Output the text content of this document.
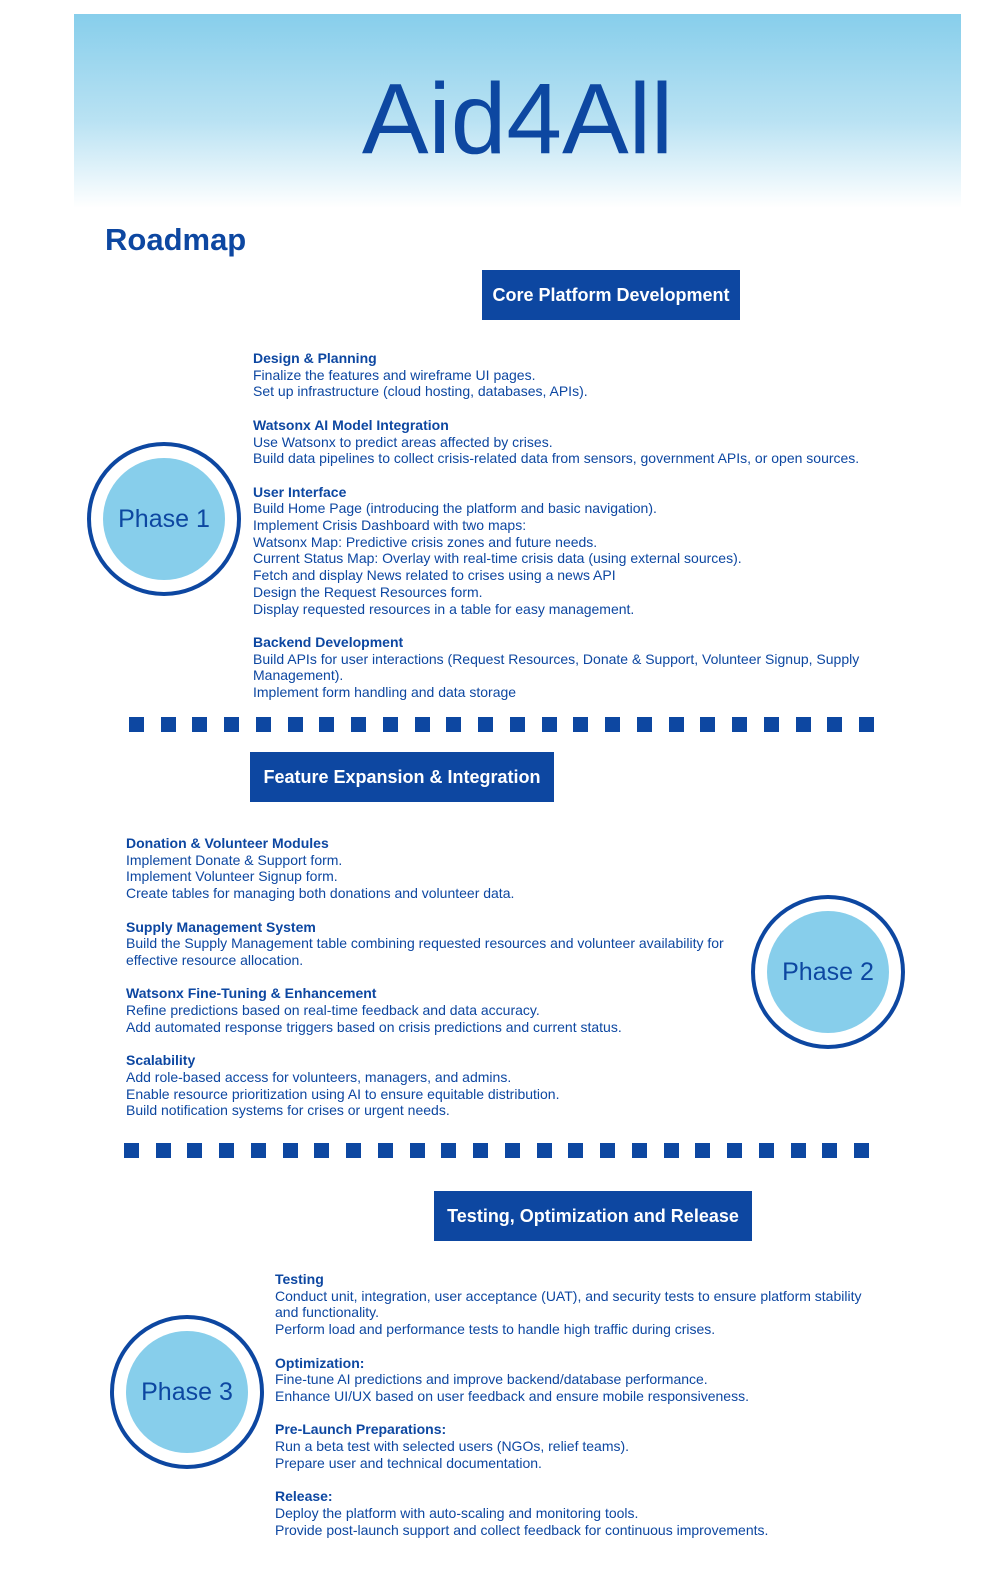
Aid4All
Roadmap
Core Platform Development
Phase 1
Design & Planning
Finalize the features and wireframe UI pages.
Set up infrastructure (cloud hosting, databases, APIs).
Watsonx AI Model Integration
Use Watsonx to predict areas affected by crises.
Build data pipelines to collect crisis-related data from sensors, government APIs, or open sources.
User Interface
Build Home Page (introducing the platform and basic navigation).
Implement Crisis Dashboard with two maps:
Watsonx Map: Predictive crisis zones and future needs.
Current Status Map: Overlay with real-time crisis data (using external sources).
Fetch and display News related to crises using a news API
Design the Request Resources form.
Display requested resources in a table for easy management.
Backend Development
Build APIs for user interactions (Request Resources, Donate & Support, Volunteer Signup, Supply Management).
Implement form handling and data storage
Feature Expansion & Integration
Phase 2
Donation & Volunteer Modules
Implement Donate & Support form.
Implement Volunteer Signup form.
Create tables for managing both donations and volunteer data.
Supply Management System
Build the Supply Management table combining requested resources and volunteer availability for effective resource allocation.
Watsonx Fine-Tuning & Enhancement
Refine predictions based on real-time feedback and data accuracy.
Add automated response triggers based on crisis predictions and current status.
Scalability
Add role-based access for volunteers, managers, and admins.
Enable resource prioritization using AI to ensure equitable distribution.
Build notification systems for crises or urgent needs.
Testing, Optimization and Release
Phase 3
Testing
Conduct unit, integration, user acceptance (UAT), and security tests to ensure platform stability and functionality.
Perform load and performance tests to handle high traffic during crises.
Optimization:
Fine-tune AI predictions and improve backend/database performance.
Enhance UI/UX based on user feedback and ensure mobile responsiveness.
Pre-Launch Preparations:
Run a beta test with selected users (NGOs, relief teams).
Prepare user and technical documentation.
Release:
Deploy the platform with auto-scaling and monitoring tools.
Provide post-launch support and collect feedback for continuous improvements.
